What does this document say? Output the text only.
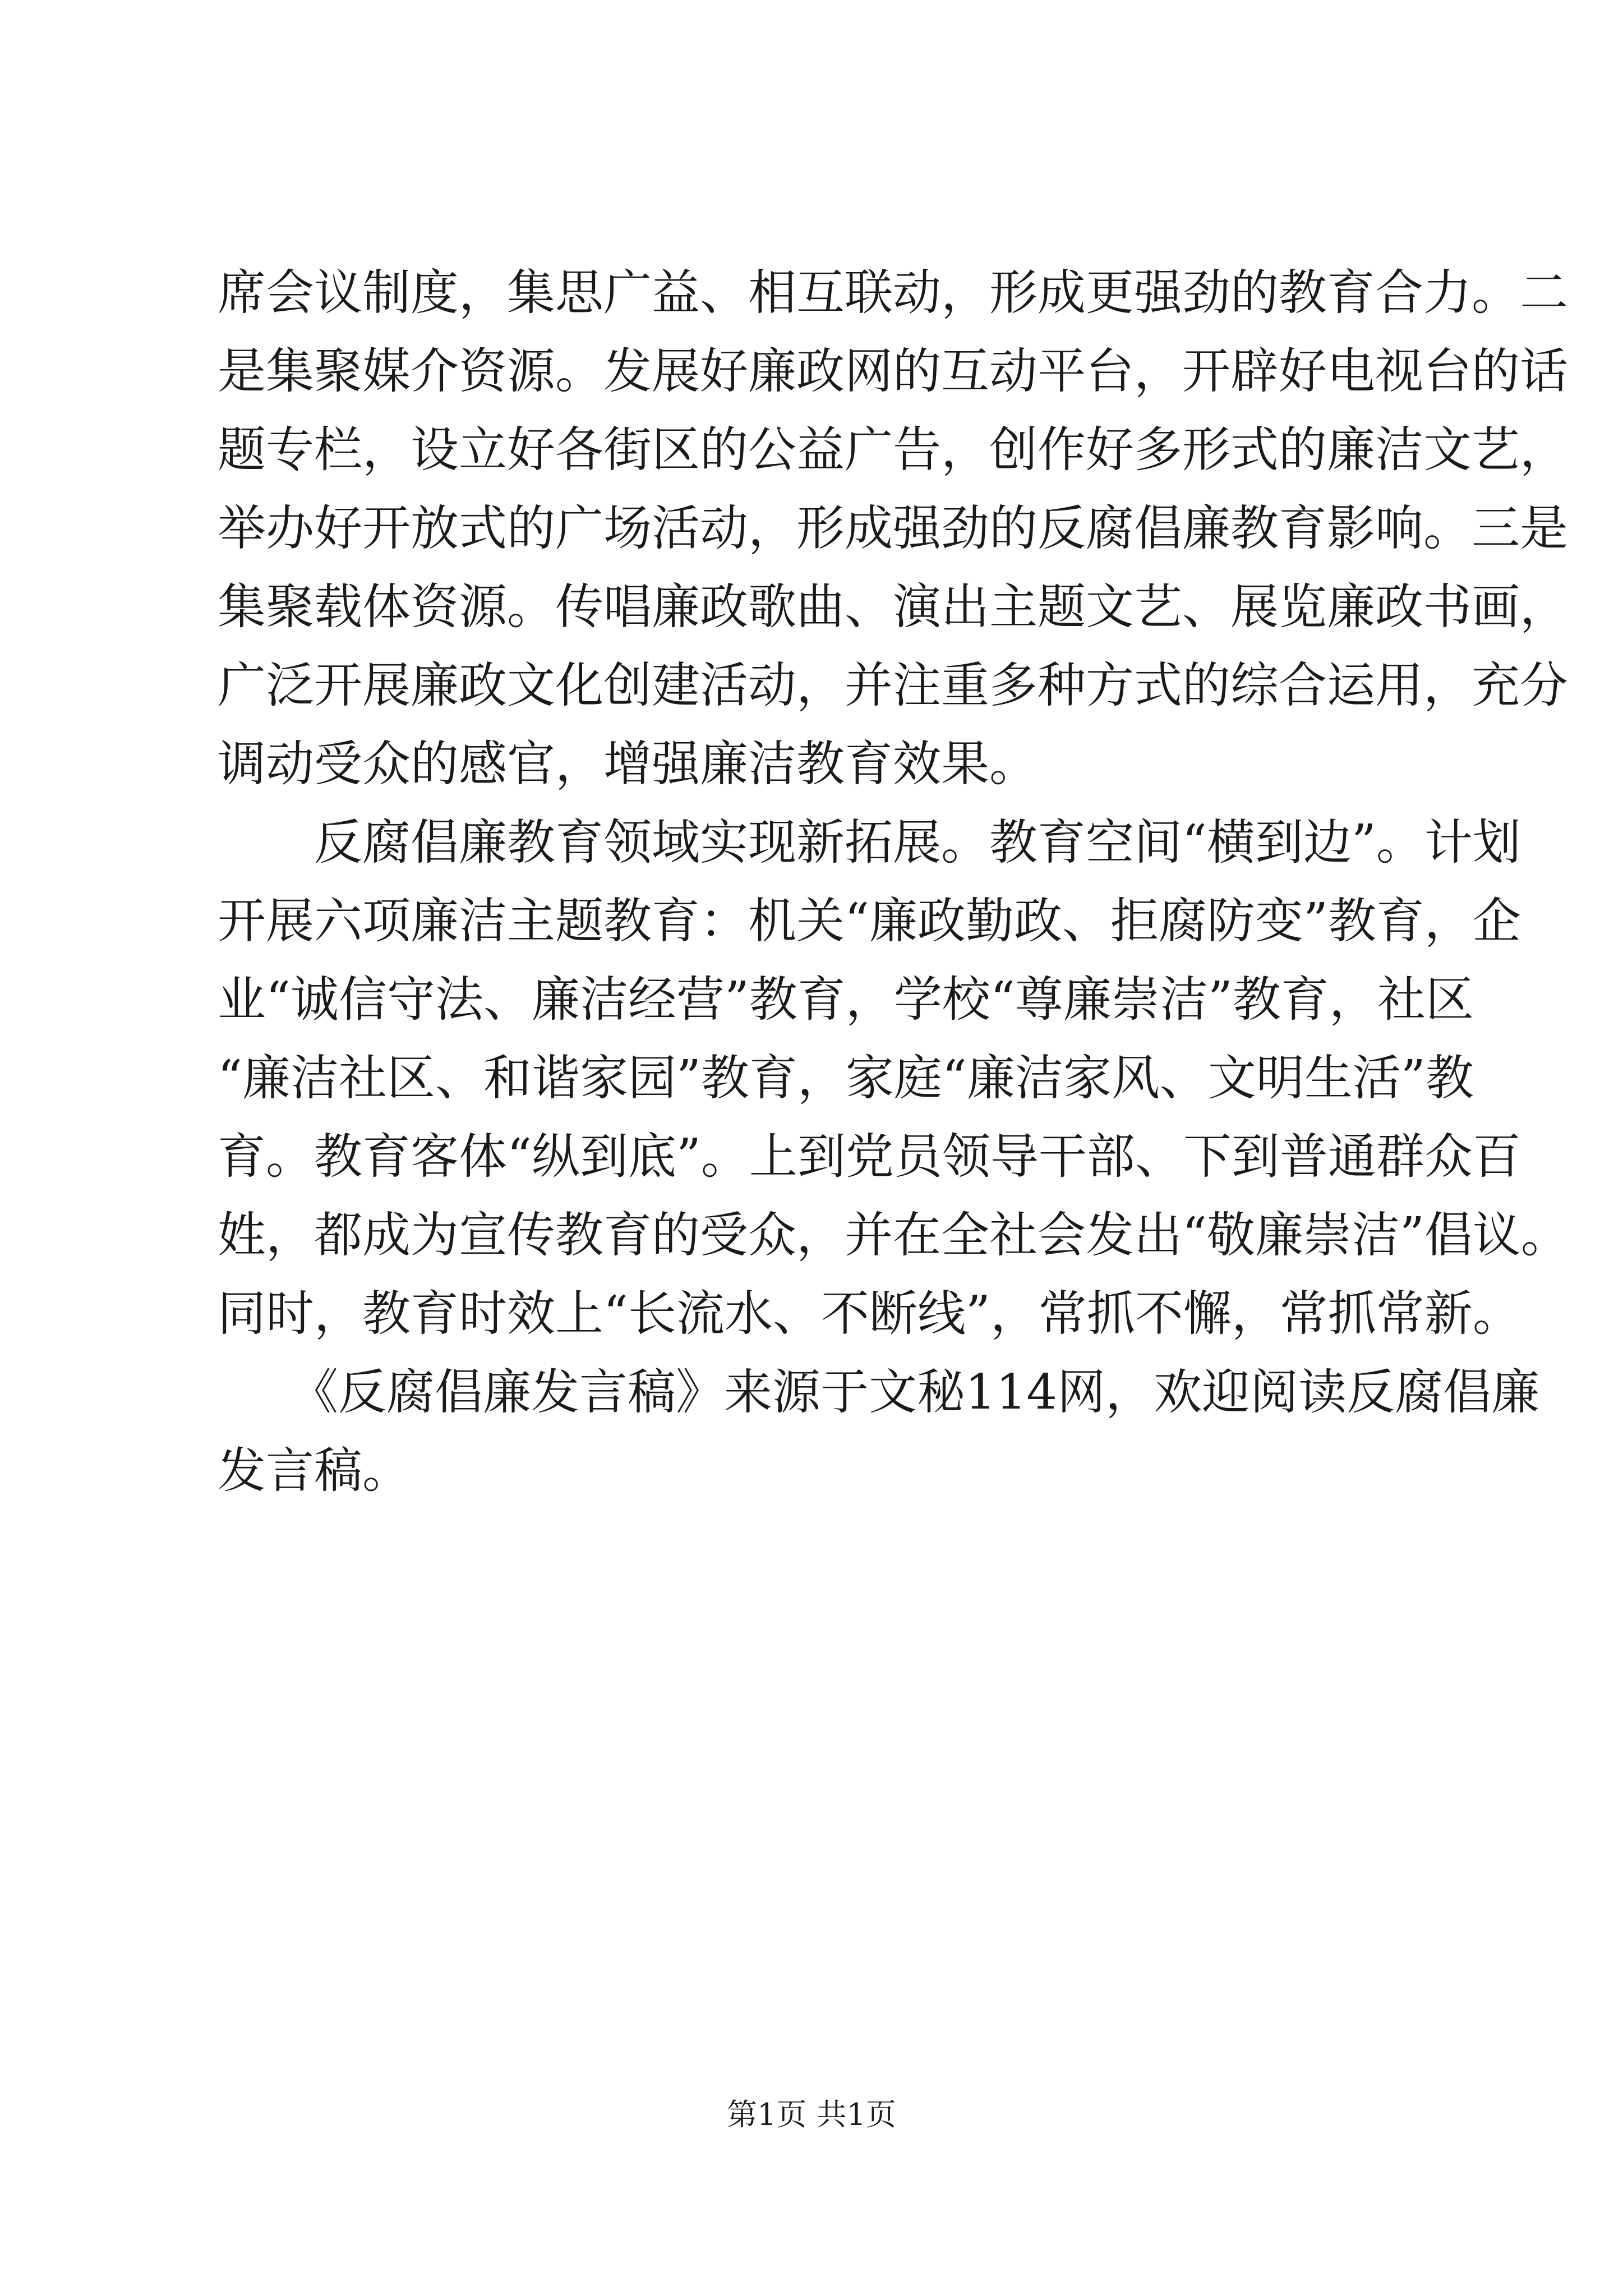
席会议制度，集思广益、相互联动，形成更强劲的教育合力。二
是集聚媒介资源。发展好廉政网的互动平台，开辟好电视台的话
题专栏，设立好各街区的公益广告，创作好多形式的廉洁文艺，
举办好开放式的广场活动，形成强劲的反腐倡廉教育影响。三是
集聚载体资源。传唱廉政歌曲、演出主题文艺、展览廉政书画，
广泛开展廉政文化创建活动，并注重多种方式的综合运用，充分
调动受众的感官，增强廉洁教育效果。
　　反腐倡廉教育领域实现新拓展。教育空间“横到边”。计划
开展六项廉洁主题教育：机关“廉政勤政、拒腐防变”教育，企
业“诚信守法、廉洁经营”教育，学校“尊廉崇洁”教育，社区
“廉洁社区、和谐家园”教育，家庭“廉洁家风、文明生活”教
育。教育客体“纵到底”。上到党员领导干部、下到普通群众百
姓，都成为宣传教育的受众，并在全社会发出“敬廉崇洁”倡议。
同时，教育时效上“长流水、不断线”，常抓不懈，常抓常新。
　　《反腐倡廉发言稿》来源于文秘114网，欢迎阅读反腐倡廉
发言稿。
第1页 共1页
